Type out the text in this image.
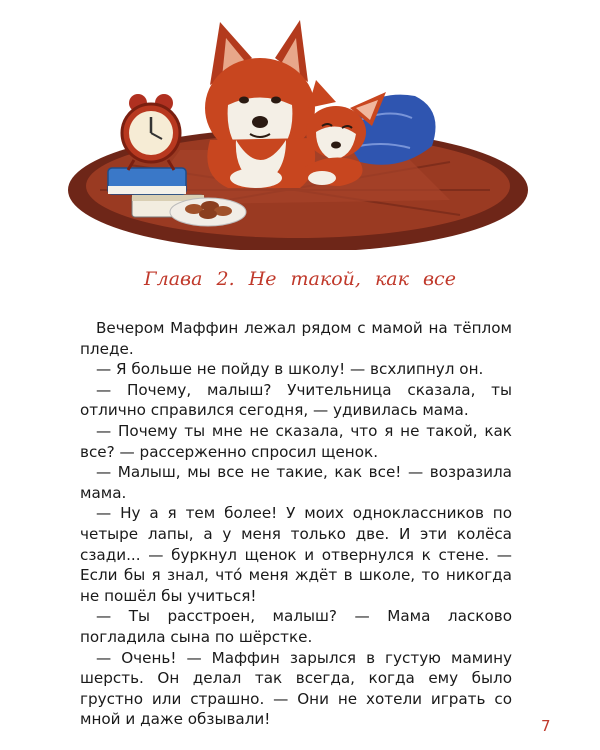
Глава 2. Не такой, как все

Вечером Маффин лежал рядом с мамой на тёплом пледе.

— Я больше не пойду в школу! — всхлипнул он.

— Почему, малыш? Учительница сказала, ты отлично справился сегодня, — удивилась мама.

— Почему ты мне не сказала, что я не такой, как все? — рассерженно спросил щенок.

— Малыш, мы все не такие, как все! — возразила мама.

— Ну а я тем более! У моих одноклассников по четыре лапы, а у меня только две. И эти колёса сзади... — буркнул щенок и отвернулся к стене. — Если бы я знал, что́ меня ждёт в школе, то никогда не пошёл бы учиться!

— Ты расстроен, малыш? — Мама ласково погладила сына по шёрстке.

— Очень! — Маффин зарылся в густую мамину шерсть. Он делал так всегда, когда ему было грустно или страшно. — Они не хотели играть со мной и даже обзывали!	7
